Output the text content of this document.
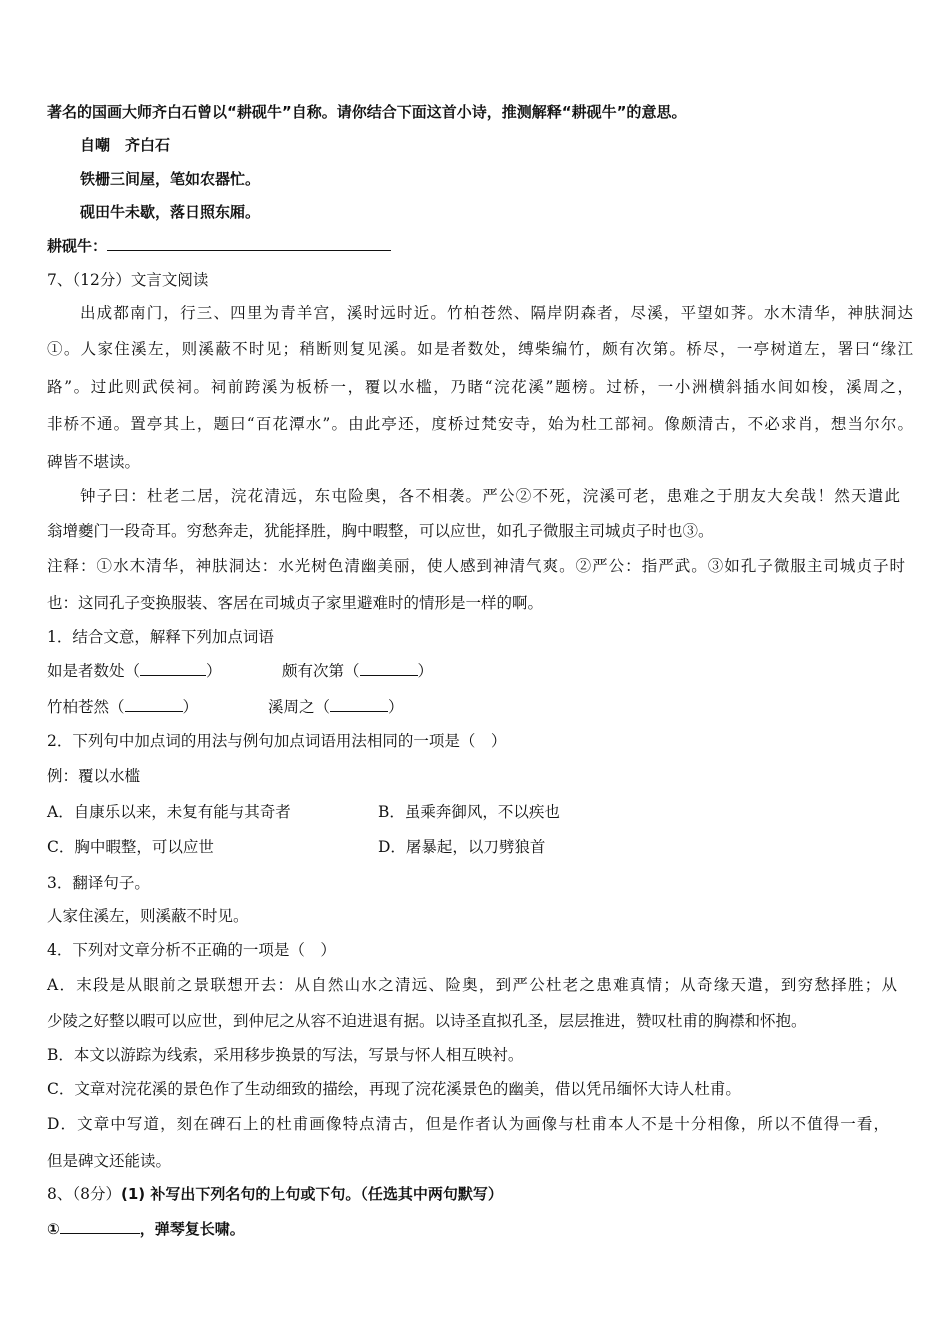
著名的国画大师齐白石曾以“耕砚牛”自称。请你结合下面这首小诗，推测解释“耕砚牛”的意思。
自嘲　齐白石
铁栅三间屋，笔如农器忙。
砚田牛未歇，落日照东厢。
耕砚牛：
7、（12分）文言文阅读
出成都南门，行三、四里为青羊宫，溪时远时近。竹柏苍然、隔岸阴森者，尽溪，平望如荠。水木清华，神肤洞达
①。人家住溪左，则溪蔽不时见；稍断则复见溪。如是者数处，缚柴编竹，颇有次第。桥尽，一亭树道左，署曰“缘江
路”。过此则武侯祠。祠前跨溪为板桥一，覆以水槛，乃睹“浣花溪”题榜。过桥，一小洲横斜插水间如梭，溪周之，
非桥不通。置亭其上，题曰“百花潭水”。由此亭还，度桥过梵安寺，始为杜工部祠。像颇清古，不必求肖，想当尔尔。
碑皆不堪读。
钟子曰：杜老二居，浣花清远，东屯险奥，各不相袭。严公②不死，浣溪可老，患难之于朋友大矣哉！然天遣此
翁增夔门一段奇耳。穷愁奔走，犹能择胜，胸中暇整，可以应世，如孔子微服主司城贞子时也③。
注释：①水木清华，神肤洞达：水光树色清幽美丽，使人感到神清气爽。②严公：指严武。③如孔子微服主司城贞子时
也：这同孔子变换服装、客居在司城贞子家里避难时的情形是一样的啊。
1．结合文意，解释下列加点词语
如是者数处（	）	颇有次第（	）
竹柏苍然（	）	溪周之（	）
2．下列句中加点词的用法与例句加点词语用法相同的一项是（　）
例：覆以水槛
A．自康乐以来，未复有能与其奇者	B．虽乘奔御风，不以疾也
C．胸中暇整，可以应世	D．屠暴起，以刀劈狼首
3．翻译句子。
人家住溪左，则溪蔽不时见。
4．下列对文章分析不正确的一项是（　）
A．末段是从眼前之景联想开去：从自然山水之清远、险奥，到严公杜老之患难真情；从奇缘天遣，到穷愁择胜；从
少陵之好整以暇可以应世，到仲尼之从容不迫进退有据。以诗圣直拟孔圣，层层推进，赞叹杜甫的胸襟和怀抱。
B．本文以游踪为线索，采用移步换景的写法，写景与怀人相互映衬。
C．文章对浣花溪的景色作了生动细致的描绘，再现了浣花溪景色的幽美，借以凭吊缅怀大诗人杜甫。
D．文章中写道，刻在碑石上的杜甫画像特点清古，但是作者认为画像与杜甫本人不是十分相像，所以不值得一看，
但是碑文还能读。
8、（8分）(1) 补写出下列名句的上句或下句。（任选其中两句默写）
①	，弹琴复长啸。
